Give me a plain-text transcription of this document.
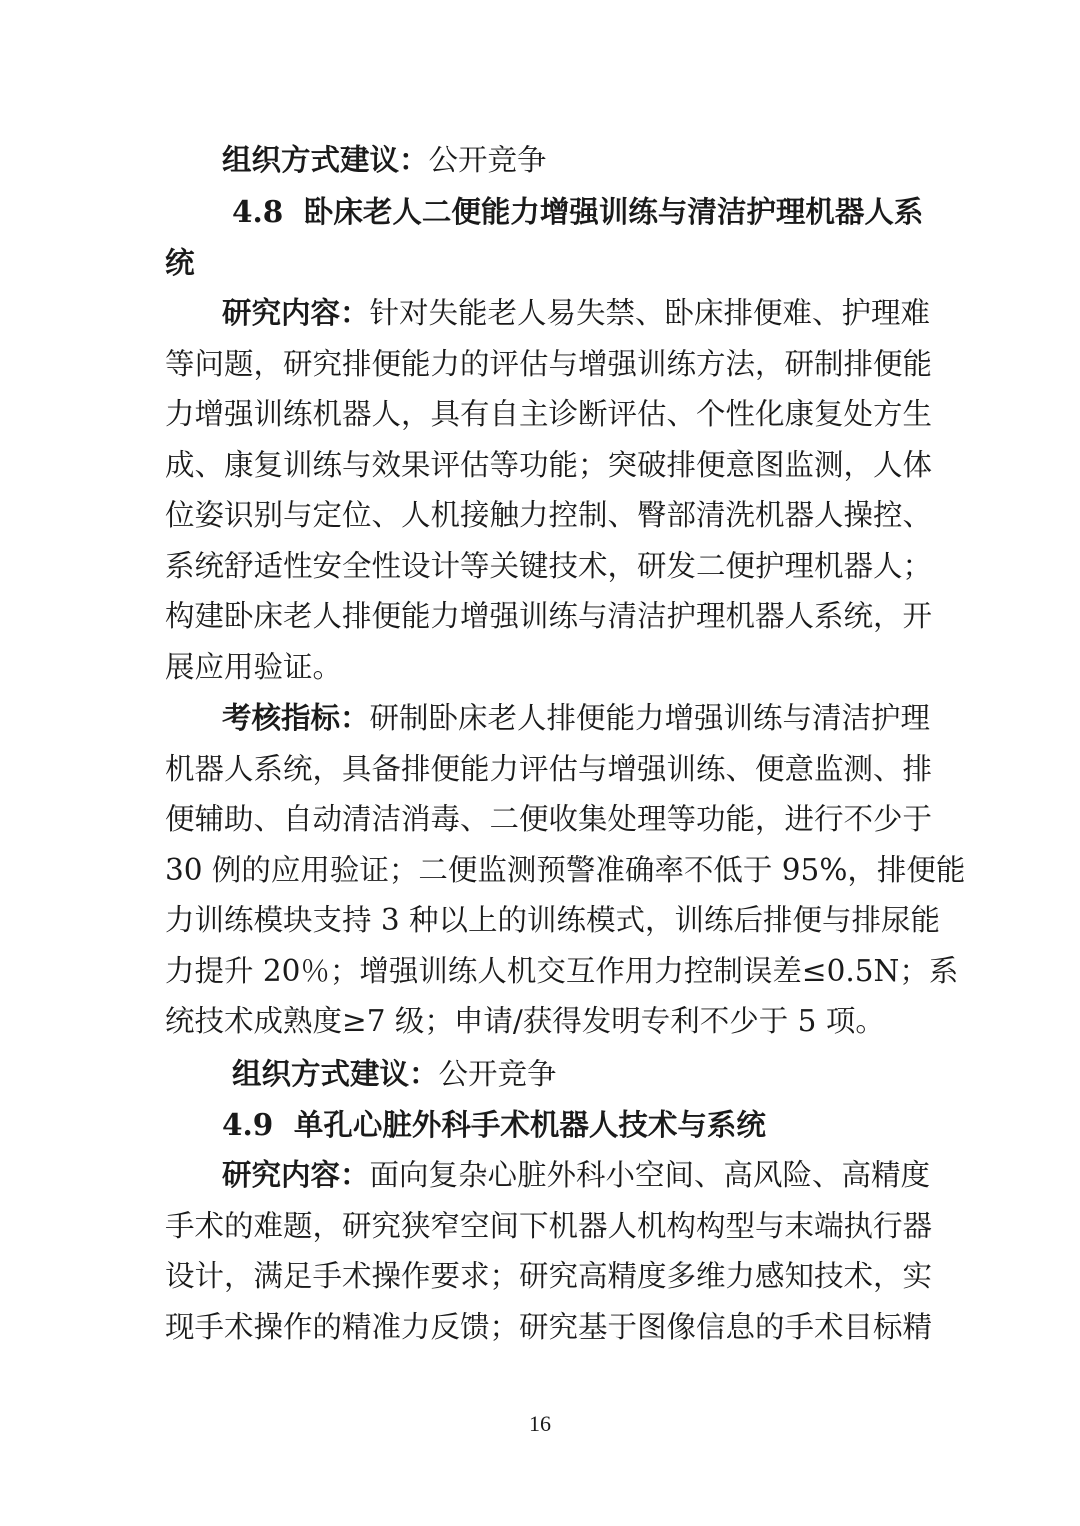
组织方式建议：公开竞争
4.8 卧床老人二便能力增强训练与清洁护理机器人系
统
研究内容：针对失能老人易失禁、卧床排便难、护理难
等问题，研究排便能力的评估与增强训练方法，研制排便能
力增强训练机器人，具有自主诊断评估、个性化康复处方生
成、康复训练与效果评估等功能；突破排便意图监测，人体
位姿识别与定位、人机接触力控制、臀部清洗机器人操控、
系统舒适性安全性设计等关键技术，研发二便护理机器人；
构建卧床老人排便能力增强训练与清洁护理机器人系统，开
展应用验证。
考核指标：研制卧床老人排便能力增强训练与清洁护理
机器人系统，具备排便能力评估与增强训练、便意监测、排
便辅助、自动清洁消毒、二便收集处理等功能，进行不少于
30 例的应用验证；二便监测预警准确率不低于 95%，排便能
力训练模块支持 3 种以上的训练模式，训练后排便与排尿能
力提升 20％；增强训练人机交互作用力控制误差≤0.5N；系
统技术成熟度≥7 级；申请/获得发明专利不少于 5 项。
组织方式建议：公开竞争
4.9 单孔心脏外科手术机器人技术与系统
研究内容：面向复杂心脏外科小空间、高风险、高精度
手术的难题，研究狭窄空间下机器人机构构型与末端执行器
设计，满足手术操作要求；研究高精度多维力感知技术，实
现手术操作的精准力反馈；研究基于图像信息的手术目标精
16
